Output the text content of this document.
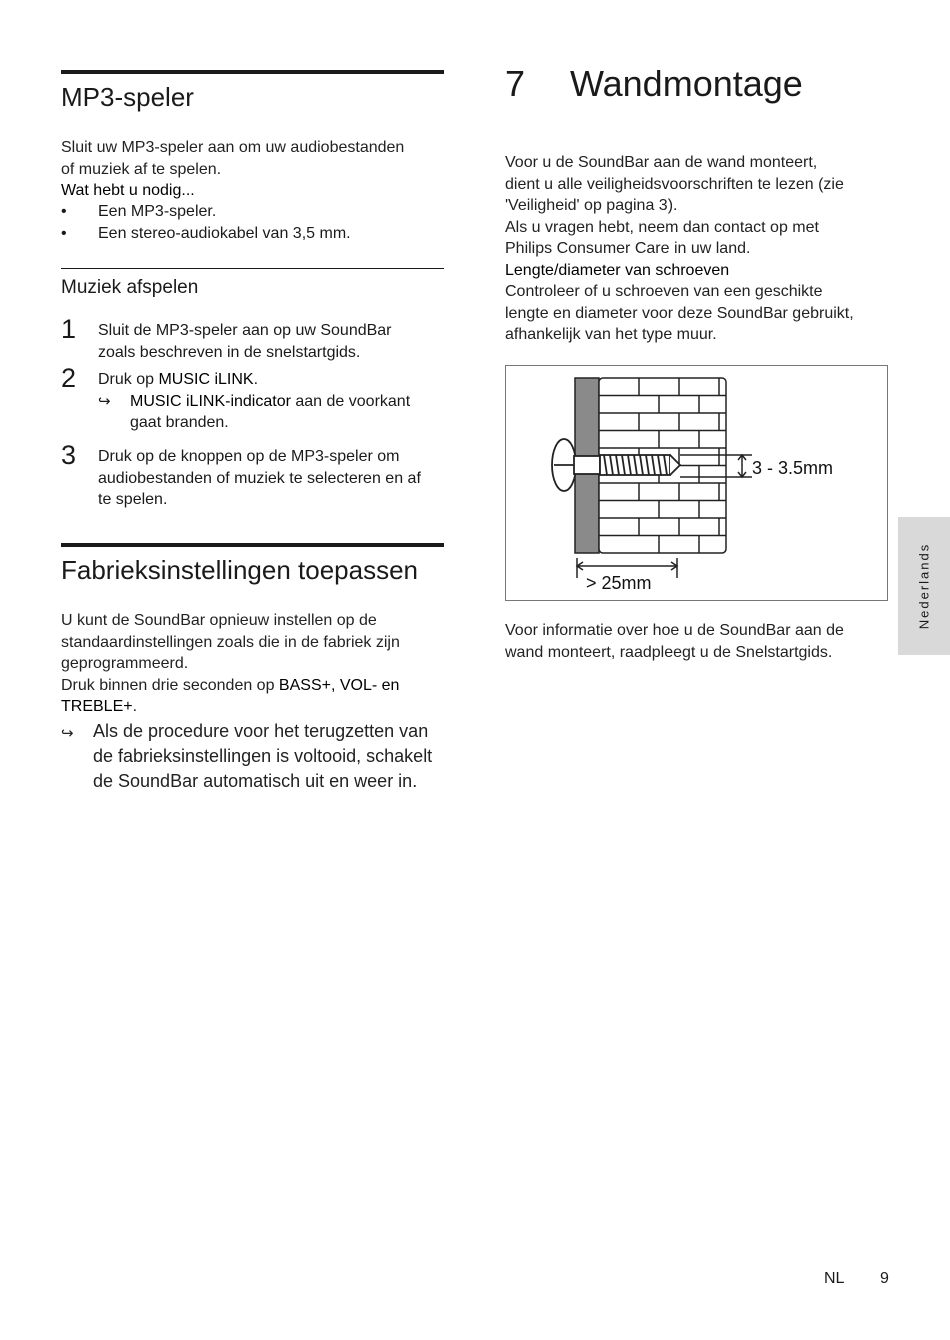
MP3-speler
Sluit uw MP3-speler aan om uw audiobestanden
of muziek af te spelen.
Wat hebt u nodig...
• Een MP3-speler.
• Een stereo-audiokabel van 3,5 mm.
Muziek afspelen
1 Sluit de MP3-speler aan op uw SoundBar
zoals beschreven in de snelstartgids.
2 Druk op MUSIC iLINK.
↪ MUSIC iLINK-indicator aan de voorkant
gaat branden.
3 Druk op de knoppen op de MP3-speler om
audiobestanden of muziek te selecteren en af
te spelen.
Fabrieksinstellingen toepassen
U kunt de SoundBar opnieuw instellen op de
standaardinstellingen zoals die in de fabriek zijn
geprogrammeerd.
Druk binnen drie seconden op BASS+, VOL- en
TREBLE+.
↪ Als de procedure voor het terugzetten van
de fabrieksinstellingen is voltooid, schakelt
de SoundBar automatisch uit en weer in.
7 Wandmontage
Voor u de SoundBar aan de wand monteert,
dient u alle veiligheidsvoorschriften te lezen (zie
'Veiligheid' op pagina 3).
Als u vragen hebt, neem dan contact op met
Philips Consumer Care in uw land.
Lengte/diameter van schroeven
Controleer of u schroeven van een geschikte
lengte en diameter voor deze SoundBar gebruikt,
afhankelijk van het type muur.
Voor informatie over hoe u de SoundBar aan de
wand monteert, raadpleegt u de Snelstartgids.
3 - 3.5mm
> 25mm	Nederlands
NL 9
